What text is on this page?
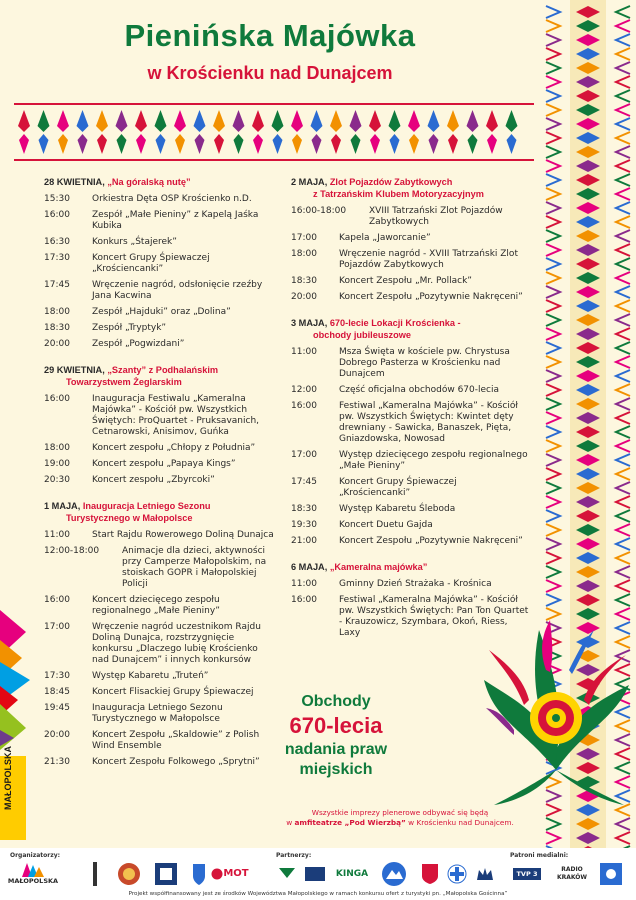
Pienińska Majówka
w Krościenku nad Dunajcem
MAŁOPOLSKA
28 KWIETNIA, „Na góralską nutę”
15:30	Orkiestra Dęta OSP Krościenko n.D.
16:00	Zespół „Małe Pieniny” z Kapelą Jaśka Kubika
16:30	Konkurs „Śtajerek”
17:30	Koncert Grupy Śpiewaczej „Krościencanki”
17:45	Wręczenie nagród, odsłonięcie rzeźby Jana Kacwina
18:00	Zespół „Hajduki” oraz „Dolina”
18:30	Zespół „Tryptyk”
20:00	Zespół „Pogwizdani”
29 KWIETNIA, „Szanty” z Podhalańskim
Towarzystwem Żeglarskim
16:00	Inauguracja Festiwalu „Kameralna Majówka” - Kościół pw. Wszystkich Świętych: ProQuartet - Pruksavanich, Cetnarowski, Anisimov, Guńka
18:00	Koncert zespołu „Chłopy z Południa”
19:00	Koncert zespołu „Papaya Kings”
20:30	Koncert zespołu „Zbyrcoki”
1 MAJA, Inauguracja Letniego Sezonu
Turystycznego w Małopolsce
11:00	Start Rajdu Rowerowego Doliną Dunajca
12:00-18:00	Animacje dla dzieci, aktywności przy Camperze Małopolskim, na stoiskach GOPR i Małopolskiej Policji
16:00	Koncert dziecięcego zespołu regionalnego „Małe Pieniny”
17:00	Wręczenie nagród uczestnikom Rajdu Doliną Dunajca, rozstrzygnięcie konkursu „Dlaczego lubię Krościenko nad Dunajcem” i innych konkursów
17:30	Występ Kabaretu „Truteń”
18:45	Koncert Flisackiej Grupy Śpiewaczej
19:45	Inauguracja Letniego Sezonu Turystycznego w Małopolsce
20:00	Koncert Zespołu „Skaldowie” z Polish Wind Ensemble
21:30	Koncert Zespołu Folkowego „Sprytni”
2 MAJA, Zlot Pojazdów Zabytkowych
z Tatrzańskim Klubem Motoryzacyjnym
16:00-18:00	XVIII Tatrzański Zlot Pojazdów Zabytkowych
17:00	Kapela „Jaworcanie”
18:00	Wręczenie nagród - XVIII Tatrzański Zlot Pojazdów Zabytkowych
18:30	Koncert Zespołu „Mr. Pollack”
20:00	Koncert Zespołu „Pozytywnie Nakręceni”
3 MAJA, 670-lecie Lokacji Krościenka -
obchody jubileuszowe
11:00	Msza Święta w kościele pw. Chrystusa Dobrego Pasterza w Krościenku nad Dunajcem
12:00	Część oficjalna obchodów 670-lecia
16:00	Festiwal „Kameralna Majówka” - Kościół pw. Wszystkich Świętych: Kwintet dęty drewniany - Sawicka, Banaszek, Pięta, Gniazdowska, Nowosad
17:00	Występ dziecięcego zespołu regionalnego „Małe Pieniny”
17:45	Koncert Grupy Śpiewaczej „Krościencanki”
18:30	Występ Kabaretu Śleboda
19:30	Koncert Duetu Gajda
21:00	Koncert Zespołu „Pozytywnie Nakręceni”
6 MAJA, „Kameralna majówka”
11:00	Gminny Dzień Strażaka - Krośnica
16:00	Festiwal „Kameralna Majówka” - Kościół pw. Wszystkich Świętych: Pan Ton Quartet - Krauzowicz, Szymbara, Okoń, Riess, Laxy
Obchody
670-lecia
nadania praw
miejskich
Wszystkie imprezy plenerowe odbywać się będą
w amfiteatrze „Pod Wierzbą” w Krościenku nad Dunajcem.
Organizatorzy:	Partnerzy:	Patroni medialni:
MAŁOPOLSKA
MOT	KINGA	TVP 3
RADIO KRAKÓW
Projekt współfinansowany jest ze środków Województwa Małopolskiego w ramach konkursu ofert z turystyki pn. „Małopolska Gościnna”
